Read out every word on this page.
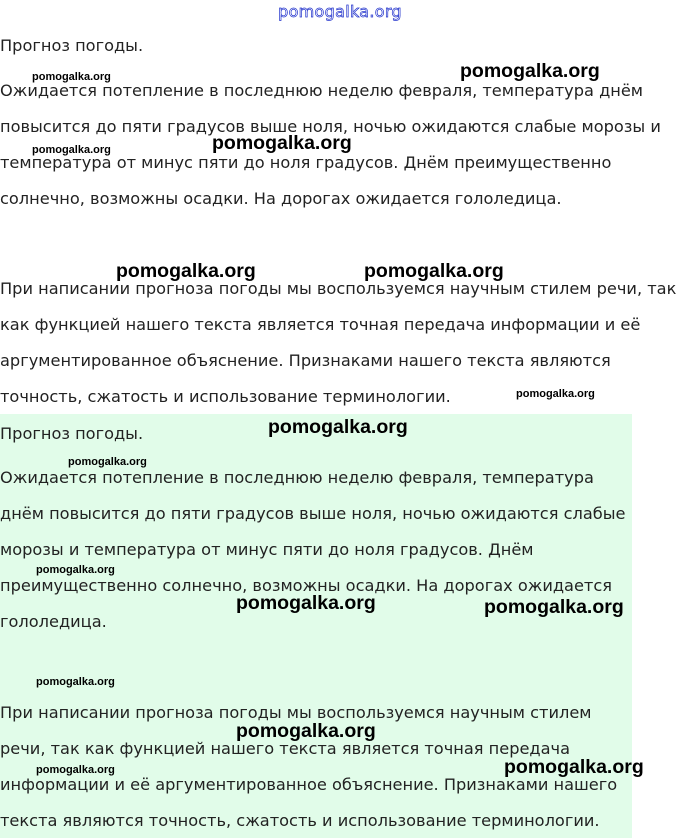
pomogalka.org
Прогноз погоды.
Ожидается потепление в последнюю неделю февраля, температура днём
повысится до пяти градусов выше ноля, ночью ожидаются слабые морозы и
температура от минус пяти до ноля градусов. Днём преимущественно
солнечно, возможны осадки. На дорогах ожидается гололедица.
При написании прогноза погоды мы воспользуемся научным стилем речи, так
как функцией нашего текста является точная передача информации и её
аргументированное объяснение. Признаками нашего текста являются
точность, сжатость и использование терминологии.
Прогноз погоды.
Ожидается потепление в последнюю неделю февраля, температура
днём повысится до пяти градусов выше ноля, ночью ожидаются слабые
морозы и температура от минус пяти до ноля градусов. Днём
преимущественно солнечно, возможны осадки. На дорогах ожидается
гололедица.
При написании прогноза погоды мы воспользуемся научным стилем
речи, так как функцией нашего текста является точная передача
информации и её аргументированное объяснение. Признаками нашего
текста являются точность, сжатость и использование терминологии.
pomogalka.org	pomogalka.org
pomogalka.org
pomogalka.org
pomogalka.org	pomogalka.org
pomogalka.org
pomogalka.org
pomogalka.org
pomogalka.org
pomogalka.org	pomogalka.org
pomogalka.org
pomogalka.org
pomogalka.org
pomogalka.org
